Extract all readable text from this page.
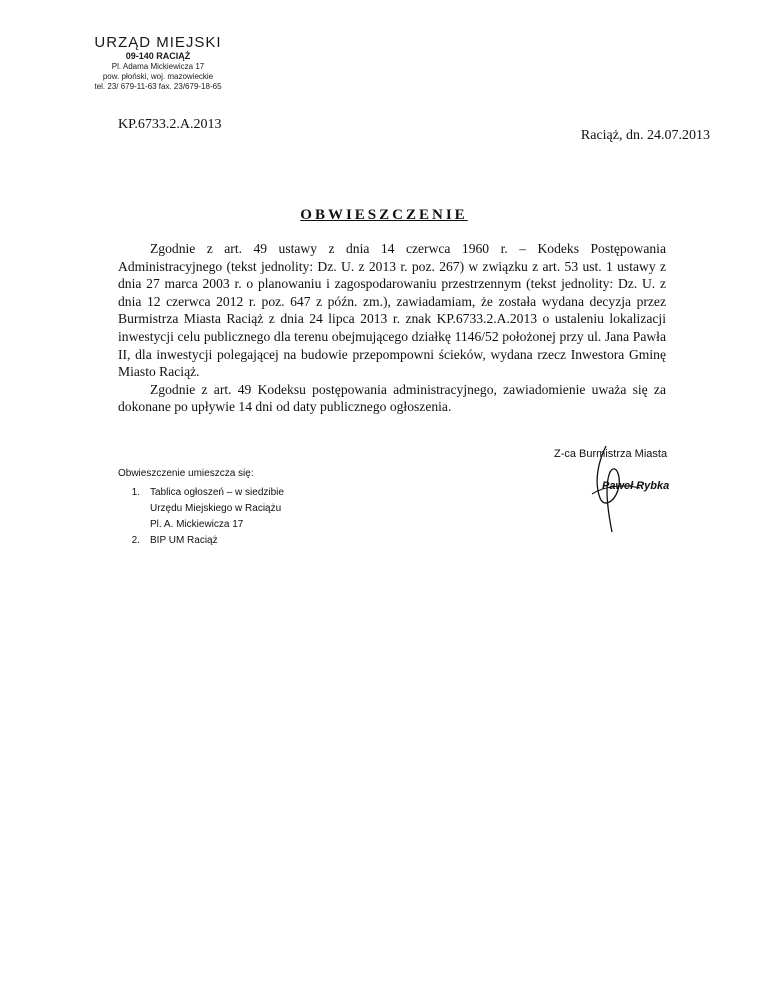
URZĄD MIEJSKI
09-140 RACIĄŻ
Pl. Adama Mickiewicza 17
pow. płoński, woj. mazowieckie
tel. 23/ 679-11-63 fax. 23/679-18-65
KP.6733.2.A.2013
Raciąż, dn. 24.07.2013
OBWIESZCZENIE

Zgodnie z art. 49 ustawy z dnia 14 czerwca 1960 r. – Kodeks Postępowania Administracyjnego (tekst jednolity: Dz. U. z 2013 r. poz. 267) w związku z art. 53 ust. 1 ustawy z dnia 27 marca 2003 r. o planowaniu i zagospodarowaniu przestrzennym (tekst jednolity: Dz. U. z dnia 12 czerwca 2012 r. poz. 647 z późn. zm.), zawiadamiam, że została wydana decyzja przez Burmistrza Miasta Raciąż z dnia 24 lipca 2013 r. znak KP.6733.2.A.2013 o ustaleniu lokalizacji inwestycji celu publicznego dla terenu obejmującego działkę 1146/52 położonej przy ul. Jana Pawła II, dla inwestycji polegającej na budowie przepompowni ścieków, wydana rzecz Inwestora Gminę Miasto Raciąż.

Zgodnie z art. 49 Kodeksu postępowania administracyjnego, zawiadomienie uważa się za dokonane po upływie 14 dni od daty publicznego ogłoszenia.

Obwieszczenie umieszcza się:
1.	Tablica ogłoszeń – w siedzibie
Urzędu Miejskiego w Raciążu
Pl. A. Mickiewicza 17
2.	BIP UM Raciąż
Z-ca Burmistrza Miasta
Paweł Rybka
